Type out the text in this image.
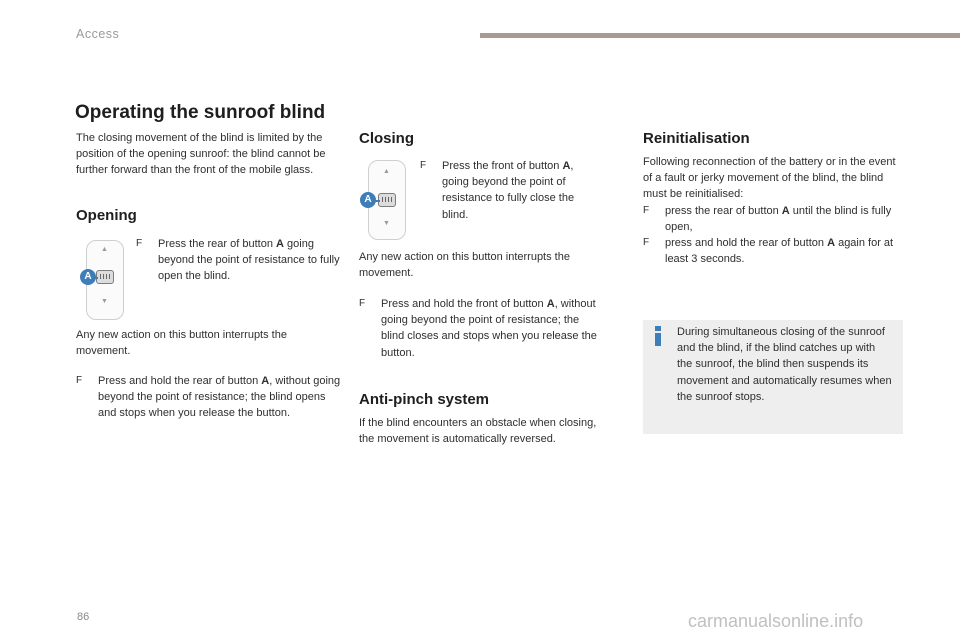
Access
Operating the sunroof blind
The closing movement of the blind is limited by the position of the opening sunroof: the blind cannot be further forward than the front of the mobile glass.
Opening
▲
▼
A
F	Press the rear of button A going beyond the point of resistance to fully open the blind.
Any new action on this button interrupts the movement.
F	Press and hold the rear of button A, without going beyond the point of resistance; the blind opens and stops when you release the button.
Closing
▲
▼
A
F	Press the front of button A, going beyond the point of resistance to fully close the blind.
Any new action on this button interrupts the movement.
F	Press and hold the front of button A, without going beyond the point of resistance; the blind closes and stops when you release the button.
Anti-pinch system
If the blind encounters an obstacle when closing, the movement is automatically reversed.
Reinitialisation
Following reconnection of the battery or in the event of a fault or jerky movement of the blind, the blind must be reinitialised:
F	press the rear of button A until the blind is fully open,
F	press and hold the rear of button A again for at least 3 seconds.
During simultaneous closing of the sunroof and the blind, if the blind catches up with the sunroof, the blind then suspends its movement and automatically resumes when the sunroof stops.
86	carmanualsonline.info
